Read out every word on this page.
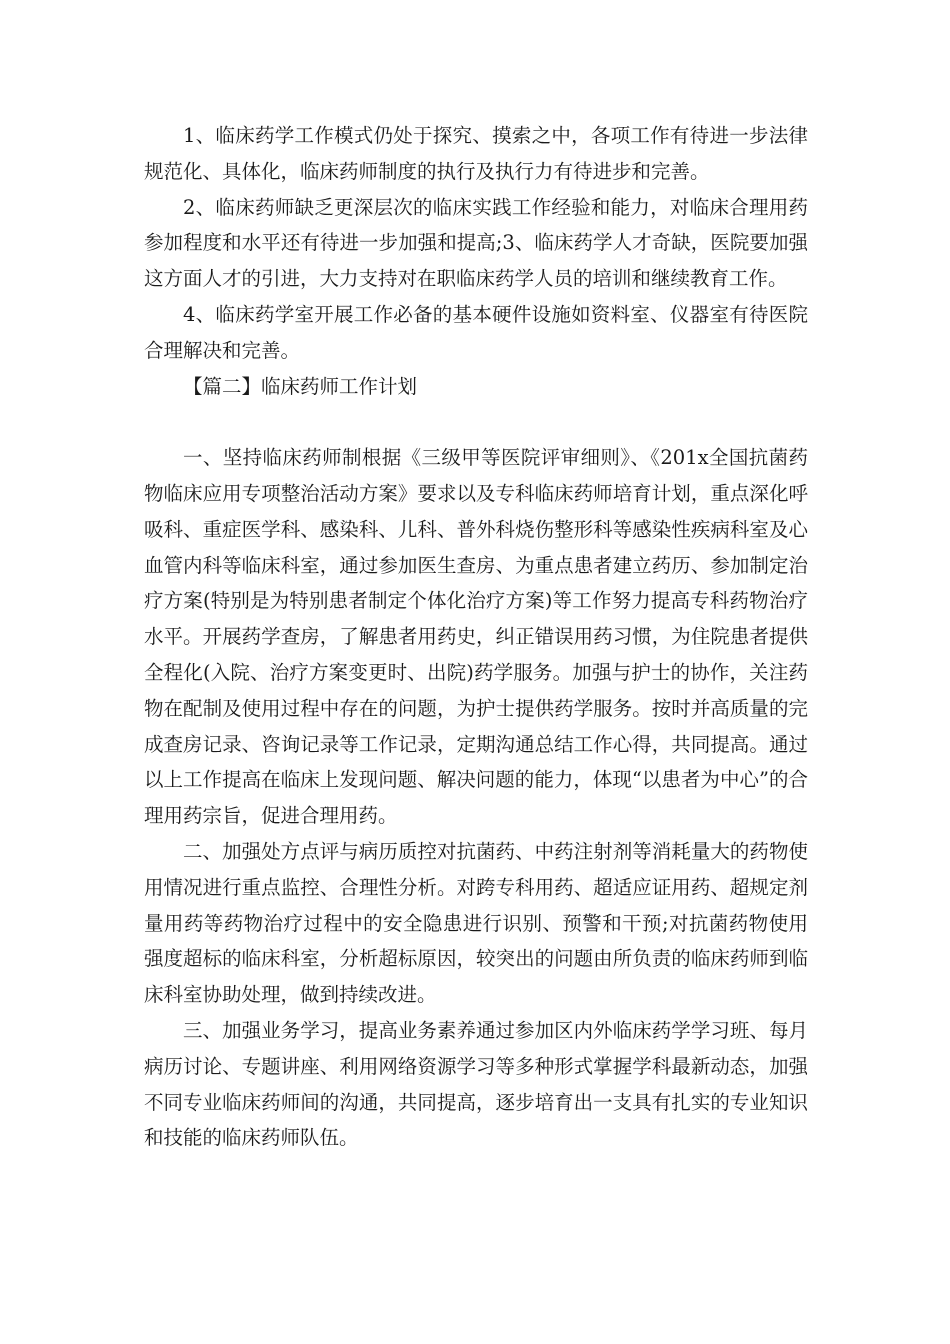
1、临床药学工作模式仍处于探究、摸索之中，各项工作有待进一步法律规范化、具体化，临床药师制度的执行及执行力有待进步和完善。

2、临床药师缺乏更深层次的临床实践工作经验和能力，对临床合理用药参加程度和水平还有待进一步加强和提高;3、临床药学人才奇缺，医院要加强这方面人才的引进，大力支持对在职临床药学人员的培训和继续教育工作。

4、临床药学室开展工作必备的基本硬件设施如资料室、仪器室有待医院合理解决和完善。

【篇二】临床药师工作计划

一、坚持临床药师制根据《三级甲等医院评审细则》、《201x全国抗菌药物临床应用专项整治活动方案》要求以及专科临床药师培育计划，重点深化呼吸科、重症医学科、感染科、儿科、普外科烧伤整形科等感染性疾病科室及心血管内科等临床科室，通过参加医生查房、为重点患者建立药历、参加制定治疗方案(特别是为特别患者制定个体化治疗方案)等工作努力提高专科药物治疗水平。开展药学查房，了解患者用药史，纠正错误用药习惯，为住院患者提供全程化(入院、治疗方案变更时、出院)药学服务。加强与护士的协作，关注药物在配制及使用过程中存在的问题，为护士提供药学服务。按时并高质量的完成查房记录、咨询记录等工作记录，定期沟通总结工作心得，共同提高。通过以上工作提高在临床上发现问题、解决问题的能力，体现“以患者为中心”的合理用药宗旨，促进合理用药。

二、加强处方点评与病历质控对抗菌药、中药注射剂等消耗量大的药物使用情况进行重点监控、合理性分析。对跨专科用药、超适应证用药、超规定剂量用药等药物治疗过程中的安全隐患进行识别、预警和干预;对抗菌药物使用强度超标的临床科室，分析超标原因，较突出的问题由所负责的临床药师到临床科室协助处理，做到持续改进。

三、加强业务学习，提高业务素养通过参加区内外临床药学学习班、每月病历讨论、专题讲座、利用网络资源学习等多种形式掌握学科最新动态，加强不同专业临床药师间的沟通，共同提高，逐步培育出一支具有扎实的专业知识和技能的临床药师队伍。
